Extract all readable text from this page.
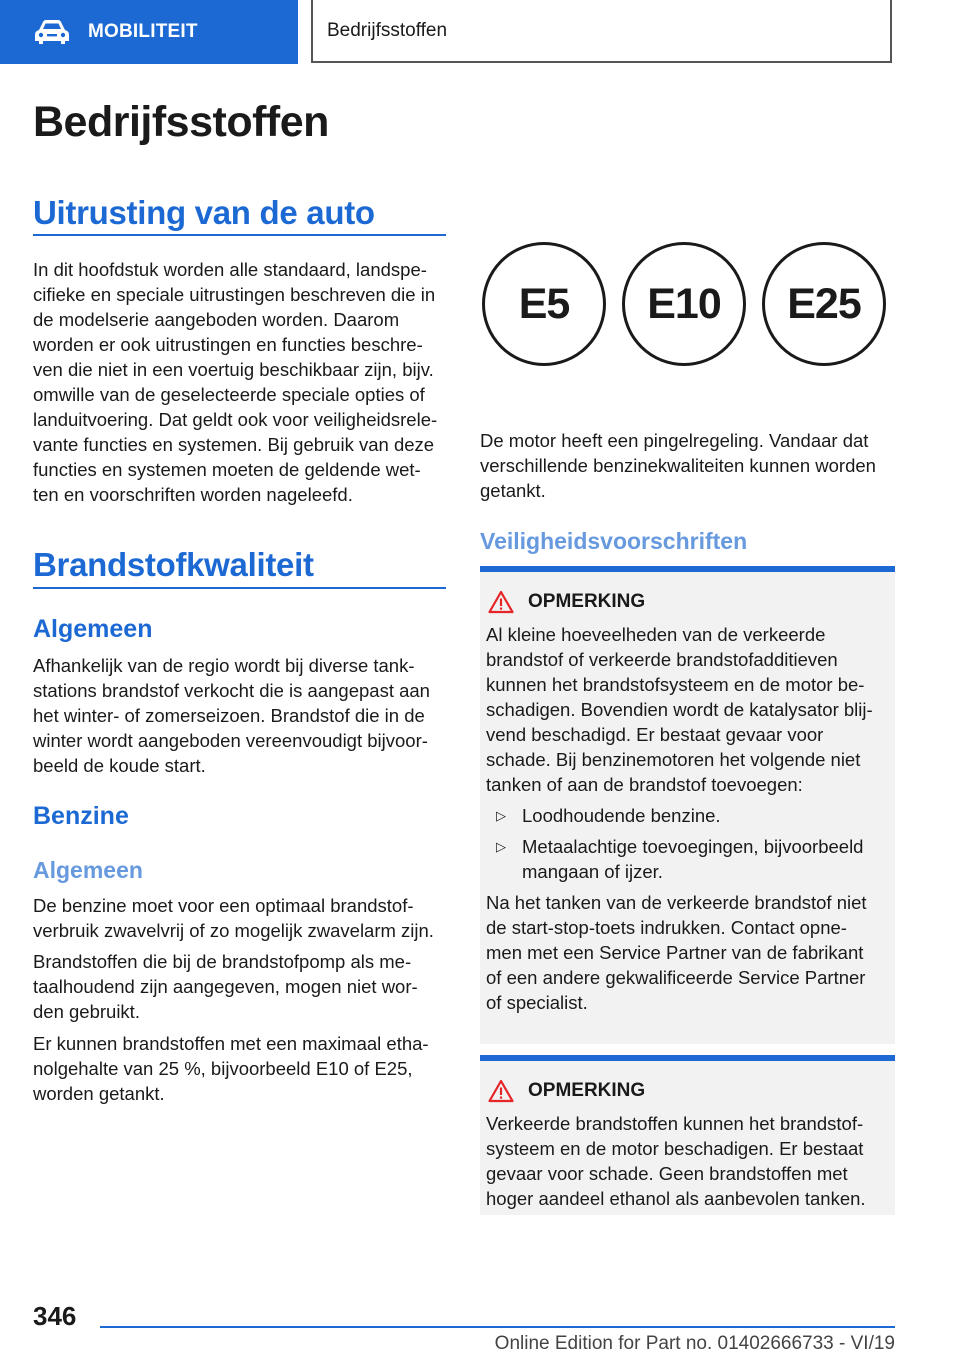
MOBILITEIT	Bedrijfsstoffen
Bedrijfsstoffen
Uitrusting van de auto
In dit hoofdstuk worden alle standaard, landspe-
cifieke en speciale uitrustingen beschreven die in
de modelserie aangeboden worden. Daarom
worden er ook uitrustingen en functies beschre-
ven die niet in een voertuig beschikbaar zijn, bijv.
omwille van de geselecteerde speciale opties of
landuitvoering. Dat geldt ook voor veiligheidsrele-
vante functies en systemen. Bij gebruik van deze
functies en systemen moeten de geldende wet-
ten en voorschriften worden nageleefd.
Brandstofkwaliteit
Algemeen
Afhankelijk van de regio wordt bij diverse tank-
stations brandstof verkocht die is aangepast aan
het winter- of zomerseizoen. Brandstof die in de
winter wordt aangeboden vereenvoudigt bijvoor-
beeld de koude start.
Benzine
Algemeen
De benzine moet voor een optimaal brandstof-
verbruik zwavelvrij of zo mogelijk zwavelarm zijn.
Brandstoffen die bij de brandstofpomp als me-
taalhoudend zijn aangegeven, mogen niet wor-
den gebruikt.
Er kunnen brandstoffen met een maximaal etha-
nolgehalte van 25 %, bijvoorbeeld E10 of E25,
worden getankt.
E5	E10	E25
De motor heeft een pingelregeling. Vandaar dat
verschillende benzinekwaliteiten kunnen worden
getankt.
Veiligheidsvoorschriften
OPMERKING
Al kleine hoeveelheden van de verkeerde
brandstof of verkeerde brandstofadditieven
kunnen het brandstofsysteem en de motor be-
schadigen. Bovendien wordt de katalysator blij-
vend beschadigd. Er bestaat gevaar voor
schade. Bij benzinemotoren het volgende niet
tanken of aan de brandstof toevoegen:
▷ Loodhoudende benzine.
▷ Metaalachtige toevoegingen, bijvoorbeeld
mangaan of ijzer.
Na het tanken van de verkeerde brandstof niet
de start-stop-toets indrukken. Contact opne-
men met een Service Partner van de fabrikant
of een andere gekwalificeerde Service Partner
of specialist.
OPMERKING
Verkeerde brandstoffen kunnen het brandstof-
systeem en de motor beschadigen. Er bestaat
gevaar voor schade. Geen brandstoffen met
hoger aandeel ethanol als aanbevolen tanken.
346
Online Edition for Part no. 01402666733 - VI/19
